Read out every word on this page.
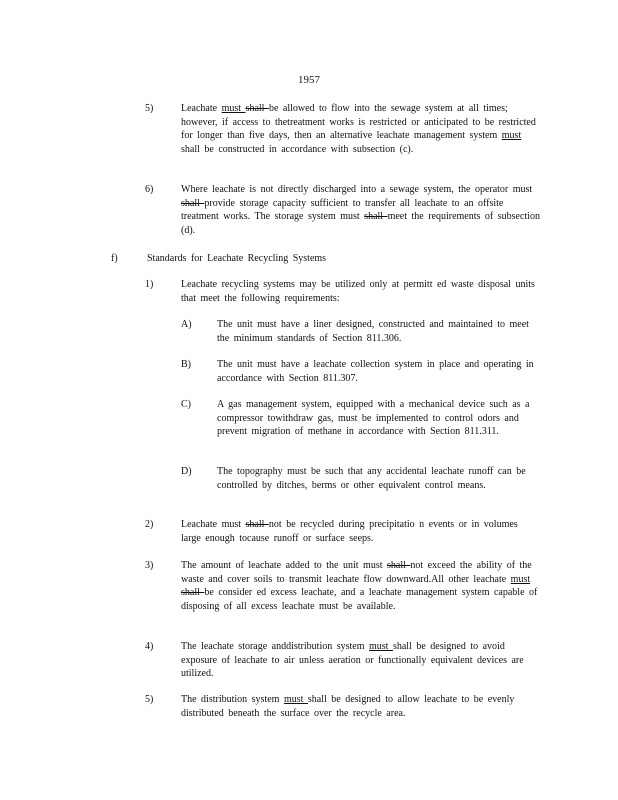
1957
5)	Leachate must shall be allowed to flow into the sewage system at all times; however, if access to thetreatment works is restricted or anticipated to be restricted for longer than five days, then an alternative leachate management system must shall be constructed in accordance with subsection (c).
6)	Where leachate is not directly discharged into a sewage system, the operator must shall provide storage capacity sufficient to transfer all leachate to an offsite treatment works. The storage system must shall meet the requirements of subsection (d).
f)	Standards for Leachate Recycling Systems
1)	Leachate recycling systems may be utilized only at permitt ed waste disposal units that meet the following requirements:
A)	The unit must have a liner designed, constructed and maintained to meet the minimum standards of Section 811.306.
B)	The unit must have a leachate collection system in place and operating in accordance with Section 811.307.
C)	A gas management system, equipped with a mechanical device such as a compressor towithdraw gas, must be implemented to control odors and prevent migration of methane in accordance with Section 811.311.
D)	The topography must be such that any accidental leachate runoff can be controlled by ditches, berms or other equivalent control means.
2)	Leachate must shall not be recycled during precipitatio n events or in volumes large enough tocause runoff or surface seeps.
3)	The amount of leachate added to the unit must shall not exceed the ability of the waste and cover soils to transmit leachate flow downward.All other leachate must shall be consider ed excess leachate, and a leachate management system capable of disposing of all excess leachate must be available.
4)	The leachate storage anddistribution system must shall be designed to avoid exposure of leachate to air unless aeration or functionally equivalent devices are utilized.
5)	The distribution system must shall be designed to allow leachate to be evenly distributed beneath the surface over the recycle area.
